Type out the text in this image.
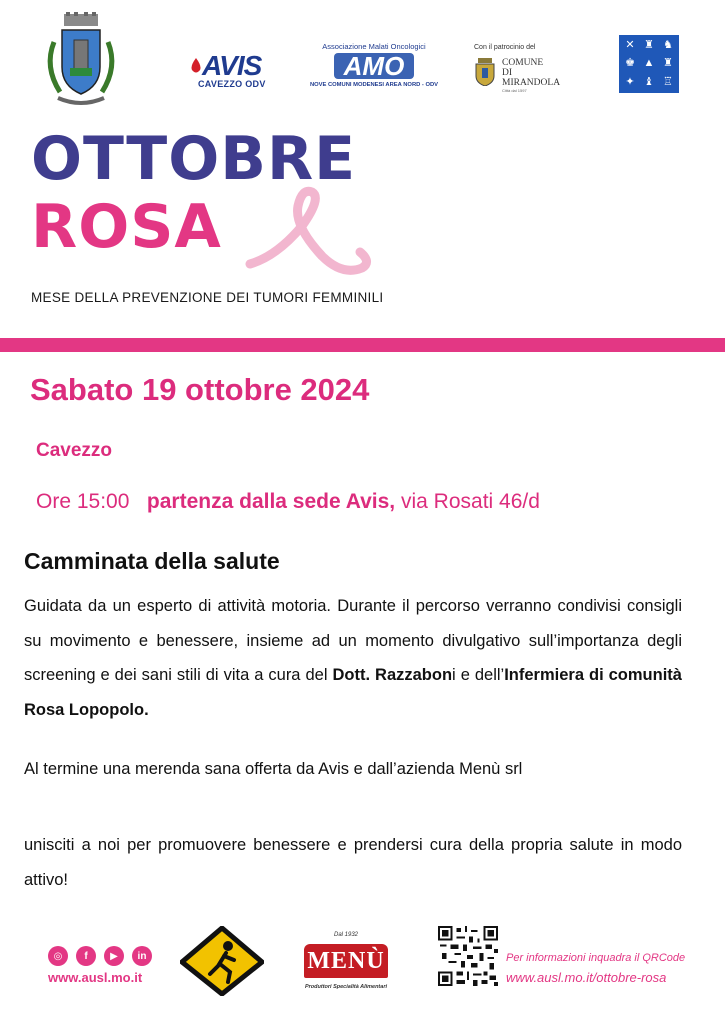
AVIS
CAVEZZO ODV
Associazione Malati Oncologici
AMO
NOVE COMUNI MODENESI AREA NORD - ODV
Con il patrocinio del
COMUNE
DI
MIRANDOLA
Città dal 1597
✕ ♜ ♞
♚ ▲ ♜
✦ ♝ ♖
OTTOBRE
ROSA
MESE DELLA PREVENZIONE DEI TUMORI FEMMINILI
Sabato 19 ottobre 2024
Cavezzo
Ore 15:00 partenza dalla sede Avis, via Rosati 46/d
Camminata della salute
Guidata da un esperto di attività motoria. Durante il percorso verranno condivisi consigli su movimento e benessere, insieme ad un momento divulgativo sull’importanza degli screening e dei sani stili di vita a cura del Dott. Razzaboni e dell’Infermiera di comunità Rosa Lopopolo.
Al termine una merenda sana offerta da Avis e dall’azienda Menù srl
unisciti a noi per promuovere benessere e prendersi cura della propria salute in modo attivo!
◎	f	▶	in
www.ausl.mo.it
Dal 1932
MENÙ
Produttori Specialità Alimentari
Per informazioni inquadra il QRCode
www.ausl.mo.it/ottobre-rosa
